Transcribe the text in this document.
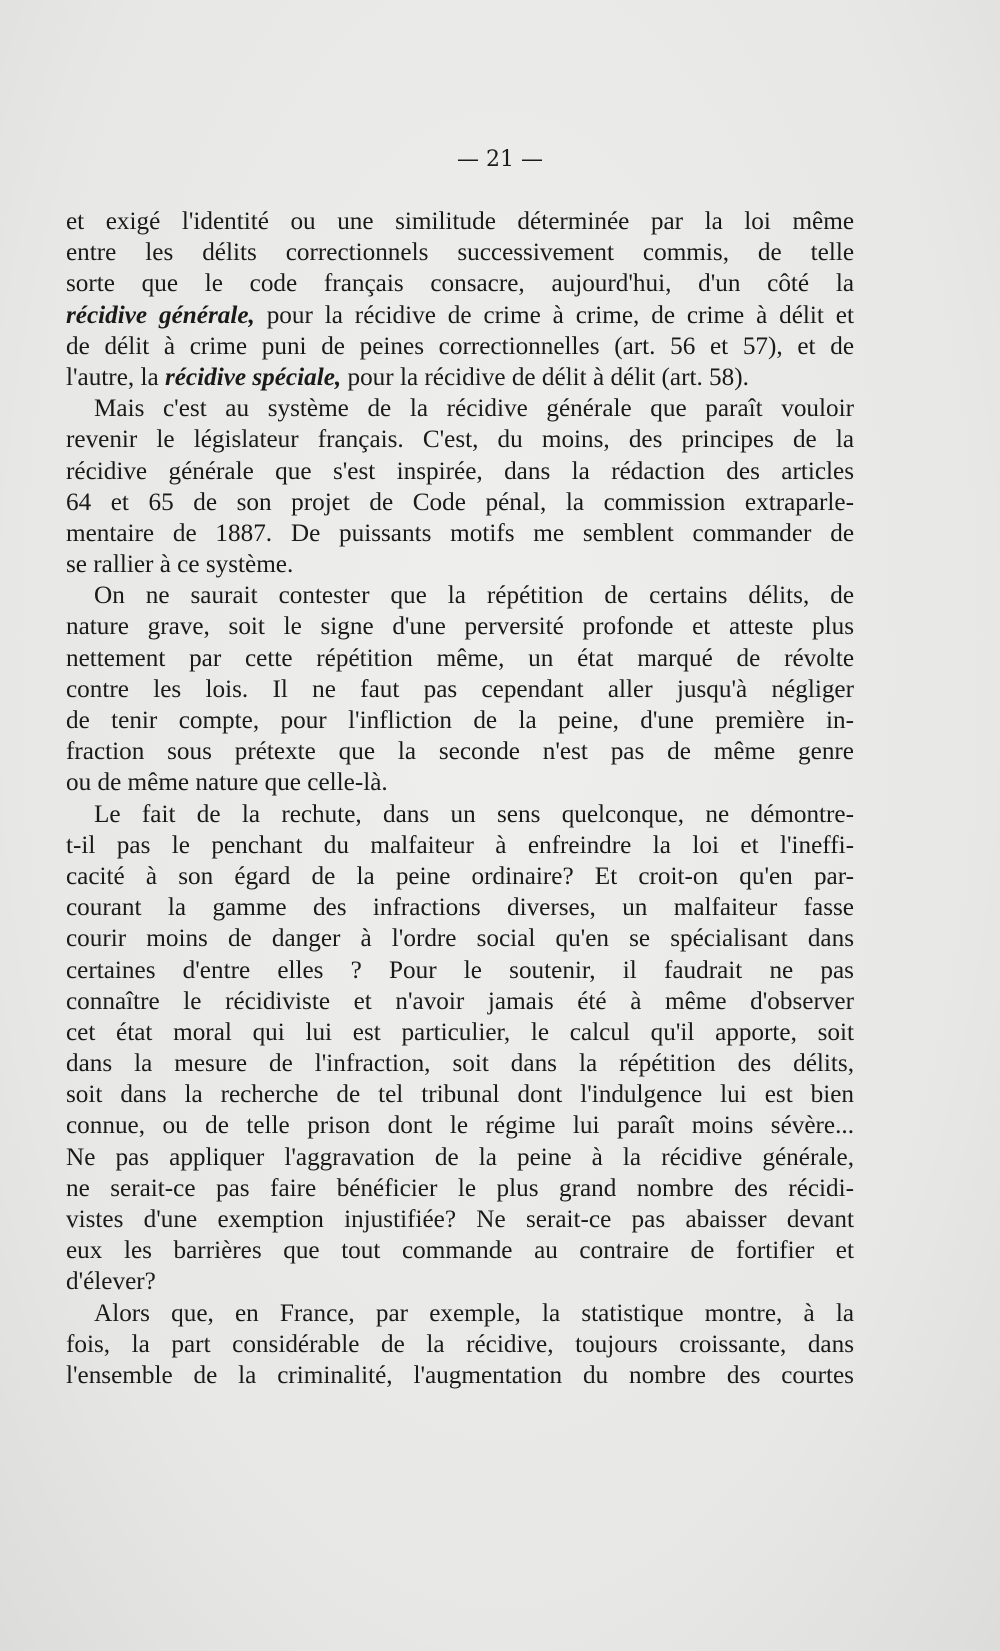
— 21 —
et exigé l'identité ou une similitude déterminée par la loi même
entre les délits correctionnels successivement commis, de telle
sorte que le code français consacre, aujourd'hui, d'un côté la
récidive générale, pour la récidive de crime à crime, de crime à délit et
de délit à crime puni de peines correctionnelles (art. 56 et 57), et de
l'autre, la récidive spéciale, pour la récidive de délit à délit (art. 58).
Mais c'est au système de la récidive générale que paraît vouloir
revenir le législateur français. C'est, du moins, des principes de la
récidive générale que s'est inspirée, dans la rédaction des articles
64 et 65 de son projet de Code pénal, la commission extraparle-
mentaire de 1887. De puissants motifs me semblent commander de
se rallier à ce système.
On ne saurait contester que la répétition de certains délits, de
nature grave, soit le signe d'une perversité profonde et atteste plus
nettement par cette répétition même, un état marqué de révolte
contre les lois. Il ne faut pas cependant aller jusqu'à négliger
de tenir compte, pour l'infliction de la peine, d'une première in-
fraction sous prétexte que la seconde n'est pas de même genre
ou de même nature que celle-là.
Le fait de la rechute, dans un sens quelconque, ne démontre-
t-il pas le penchant du malfaiteur à enfreindre la loi et l'ineffi-
cacité à son égard de la peine ordinaire? Et croit-on qu'en par-
courant la gamme des infractions diverses, un malfaiteur fasse
courir moins de danger à l'ordre social qu'en se spécialisant dans
certaines d'entre elles ? Pour le soutenir, il faudrait ne pas
connaître le récidiviste et n'avoir jamais été à même d'observer
cet état moral qui lui est particulier, le calcul qu'il apporte, soit
dans la mesure de l'infraction, soit dans la répétition des délits,
soit dans la recherche de tel tribunal dont l'indulgence lui est bien
connue, ou de telle prison dont le régime lui paraît moins sévère...
Ne pas appliquer l'aggravation de la peine à la récidive générale,
ne serait-ce pas faire bénéficier le plus grand nombre des récidi-
vistes d'une exemption injustifiée? Ne serait-ce pas abaisser devant
eux les barrières que tout commande au contraire de fortifier et
d'élever?
Alors que, en France, par exemple, la statistique montre, à la
fois, la part considérable de la récidive, toujours croissante, dans
l'ensemble de la criminalité, l'augmentation du nombre des courtes
